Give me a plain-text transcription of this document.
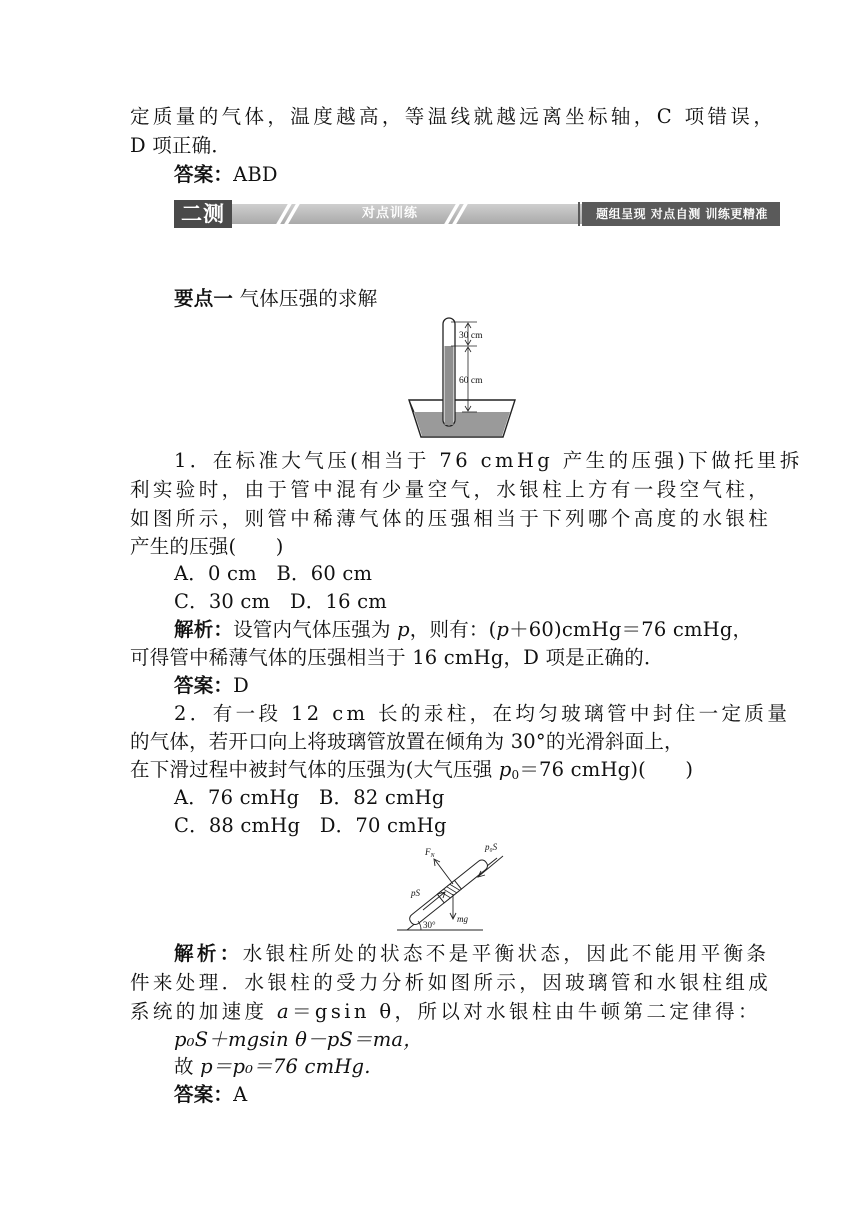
定质量的气体，温度越高，等温线就越远离坐标轴，C 项错误，
D 项正确．
答案：ABD
二测	对点训练	题组呈现 对点自测 训练更精准
要点一 气体压强的求解
30 cm
60 cm
1．在标准大气压(相当于 76 cmHg 产生的压强)下做托里拆
利实验时，由于管中混有少量空气，水银柱上方有一段空气柱，
如图所示，则管中稀薄气体的压强相当于下列哪个高度的水银柱
产生的压强(　　)
A．0 cm　B．60 cm
C．30 cm　D．16 cm
解析：设管内气体压强为 p，则有：(p＋60)cmHg＝76 cmHg，
可得管中稀薄气体的压强相当于 16 cmHg，D 项是正确的．
答案：D
2．有一段 12 cm 长的汞柱，在均匀玻璃管中封住一定质量
的气体，若开口向上将玻璃管放置在倾角为 30°的光滑斜面上，
在下滑过程中被封气体的压强为(大气压强 $p_0=76$ cmHg)(　　)
A．76 cmHg　B．82 cmHg
C．88 cmHg　D．70 cmHg
30°
mg
$F_N$
p₀S
pS
解析：水银柱所处的状态不是平衡状态，因此不能用平衡条
件来处理．水银柱的受力分析如图所示，因玻璃管和水银柱组成
系统的加速度 a＝gsin θ，所以对水银柱由牛顿第二定律得：
p₀S＋mgsin θ－pS＝ma，
故 p＝p₀＝76 cmHg.
答案：A
